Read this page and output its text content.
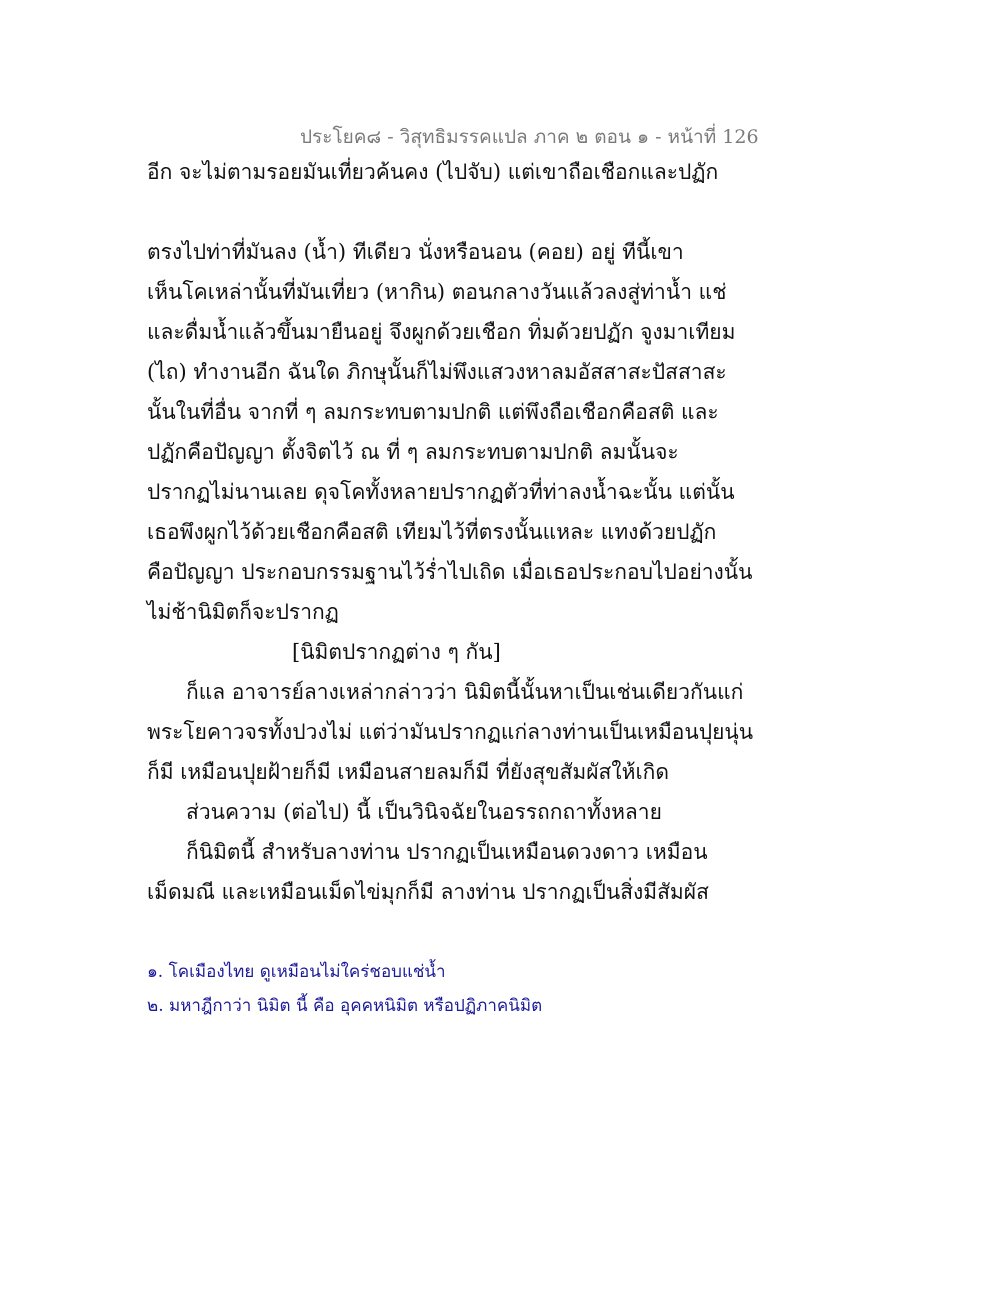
ประโยค๘ - วิสุทธิมรรคแปล ภาค ๒ ตอน ๑ - หน้าที่ 126
อีก จะไม่ตามรอยมันเที่ยวค้นคง (ไปจับ) แต่เขาถือเชือกและปฏัก
ตรงไปท่าที่มันลง (น้ำ) ทีเดียว นั่งหรือนอน (คอย) อยู่ ทีนี้เขา
เห็นโคเหล่านั้นที่มันเที่ยว (หากิน) ตอนกลางวันแล้วลงสู่ท่าน้ำ แช่
และดื่มน้ำแล้วขึ้นมายืนอยู่ จึงผูกด้วยเชือก ทิ่มด้วยปฏัก จูงมาเทียม
(ไถ) ทำงานอีก ฉันใด ภิกษุนั้นก็ไม่พึงแสวงหาลมอัสสาสะปัสสาสะ
นั้นในที่อื่น จากที่ ๆ ลมกระทบตามปกติ แต่พึงถือเชือกคือสติ และ
ปฏักคือปัญญา ตั้งจิตไว้ ณ ที่ ๆ ลมกระทบตามปกติ ลมนั้นจะ
ปรากฏไม่นานเลย ดุจโคทั้งหลายปรากฏตัวที่ท่าลงน้ำฉะนั้น แต่นั้น
เธอพึงผูกไว้ด้วยเชือกคือสติ เทียมไว้ที่ตรงนั้นแหละ แทงด้วยปฏัก
คือปัญญา ประกอบกรรมฐานไว้ร่ำไปเถิด เมื่อเธอประกอบไปอย่างนั้น
ไม่ช้านิมิตก็จะปรากฏ
[นิมิตปรากฏต่าง ๆ กัน]
ก็แล อาจารย์ลางเหล่ากล่าวว่า นิมิตนี้นั้นหาเป็นเช่นเดียวกันแก่
พระโยคาวจรทั้งปวงไม่ แต่ว่ามันปรากฏแก่ลางท่านเป็นเหมือนปุยนุ่น
ก็มี เหมือนปุยฝ้ายก็มี เหมือนสายลมก็มี ที่ยังสุขสัมผัสให้เกิด
ส่วนความ (ต่อไป) นี้ เป็นวินิจฉัยในอรรถกถาทั้งหลาย
ก็นิมิตนี้ สำหรับลางท่าน ปรากฏเป็นเหมือนดวงดาว เหมือน
เม็ดมณี และเหมือนเม็ดไข่มุกก็มี ลางท่าน ปรากฏเป็นสิ่งมีสัมผัส
๑. โคเมืองไทย ดูเหมือนไม่ใคร่ชอบแช่น้ำ
๒. มหาฎีกาว่า นิมิต นี้ คือ อุคคหนิมิต หรือปฏิภาคนิมิต
